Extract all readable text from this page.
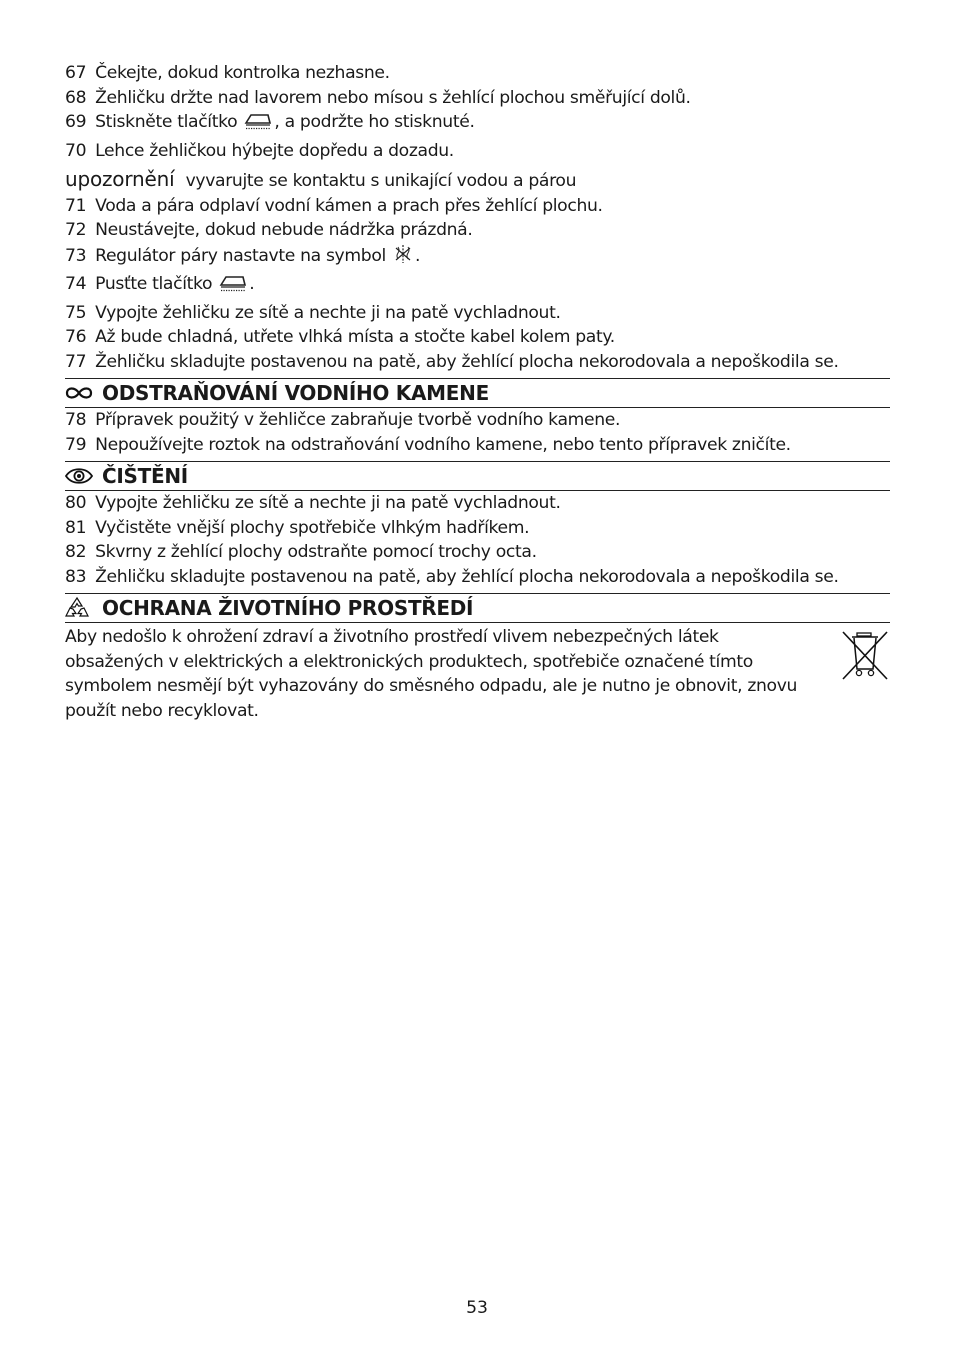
67 Čekejte, dokud kontrolka nezhasne.
68 Žehličku držte nad lavorem nebo mísou s žehlící plochou směřující dolů.
69 Stiskněte tlačítko , a podržte ho stisknuté.
70 Lehce žehličkou hýbejte dopředu a dozadu.
upozornění vyvarujte se kontaktu s unikající vodou a párou
71 Voda a pára odplaví vodní kámen a prach přes žehlící plochu.
72 Neustávejte, dokud nebude nádržka prázdná.
73 Regulátor páry nastavte na symbol .
74 Pusťte tlačítko .
75 Vypojte žehličku ze sítě a nechte ji na patě vychladnout.
76 Až bude chladná, utřete vlhká místa a stočte kabel kolem paty.
77 Žehličku skladujte postavenou na patě, aby žehlící plocha nekorodovala a nepoškodila se.
ODSTRAŇOVÁNÍ VODNÍHO KAMENE
78 Přípravek použitý v žehličce zabraňuje tvorbě vodního kamene.
79 Nepoužívejte roztok na odstraňování vodního kamene, nebo tento přípravek zničíte.
ČIŠTĚNÍ
80 Vypojte žehličku ze sítě a nechte ji na patě vychladnout.
81 Vyčistěte vnější plochy spotřebiče vlhkým hadříkem.
82 Skvrny z žehlící plochy odstraňte pomocí trochy octa.
83 Žehličku skladujte postavenou na patě, aby žehlící plocha nekorodovala a nepoškodila se.
OCHRANA ŽIVOTNÍHO PROSTŘEDÍ
Aby nedošlo k ohrožení zdraví a životního prostředí vlivem nebezpečných látek
obsažených v elektrických a elektronických produktech, spotřebiče označené tímto
symbolem nesmějí být vyhazovány do směsného odpadu, ale je nutno je obnovit, znovu
použít nebo recyklovat.
53
